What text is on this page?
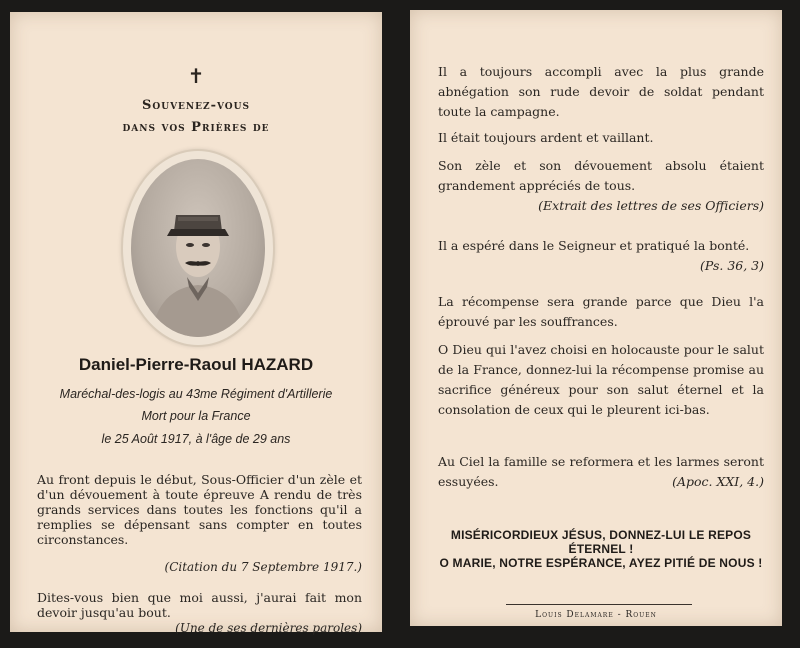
✝
Souvenez-vous
dans vos Prières de
Daniel-Pierre-Raoul HAZARD
Maréchal-des-logis au 43me Régiment d'Artillerie
Mort pour la France
le 25 Août 1917, à l'âge de 29 ans
Au front depuis le début, Sous-Officier d'un zèle et d'un dévouement à toute épreuve A rendu de très grands services dans toutes les fonctions qu'il a remplies se dépensant sans compter en toutes circonstances.
(Citation du 7 Septembre 1917.)
Dites-vous bien que moi aussi, j'aurai fait mon devoir jusqu'au bout.
(Une de ses dernières paroles)
Il a toujours accompli avec la plus grande abnégation son rude devoir de soldat pendant toute la campagne.
Il était toujours ardent et vaillant.
Son zèle et son dévouement absolu étaient grandement appréciés de tous.
(Extrait des lettres de ses Officiers)
Il a espéré dans le Seigneur et pratiqué la bonté.
(Ps. 36, 3)
La récompense sera grande parce que Dieu l'a éprouvé par les souffrances.
O Dieu qui l'avez choisi en holocauste pour le salut de la France, donnez-lui la récompense promise au sacrifice généreux pour son salut éternel et la consolation de ceux qui le pleurent ici-bas.
Au Ciel la famille se reformera et les larmes seront essuyées.	(Apoc. XXI, 4.)
MISÉRICORDIEUX JÉSUS, DONNEZ-LUI LE REPOS ÉTERNEL !
O MARIE, NOTRE ESPÉRANCE, AYEZ PITIÉ DE NOUS !
Louis Delamare - Rouen
